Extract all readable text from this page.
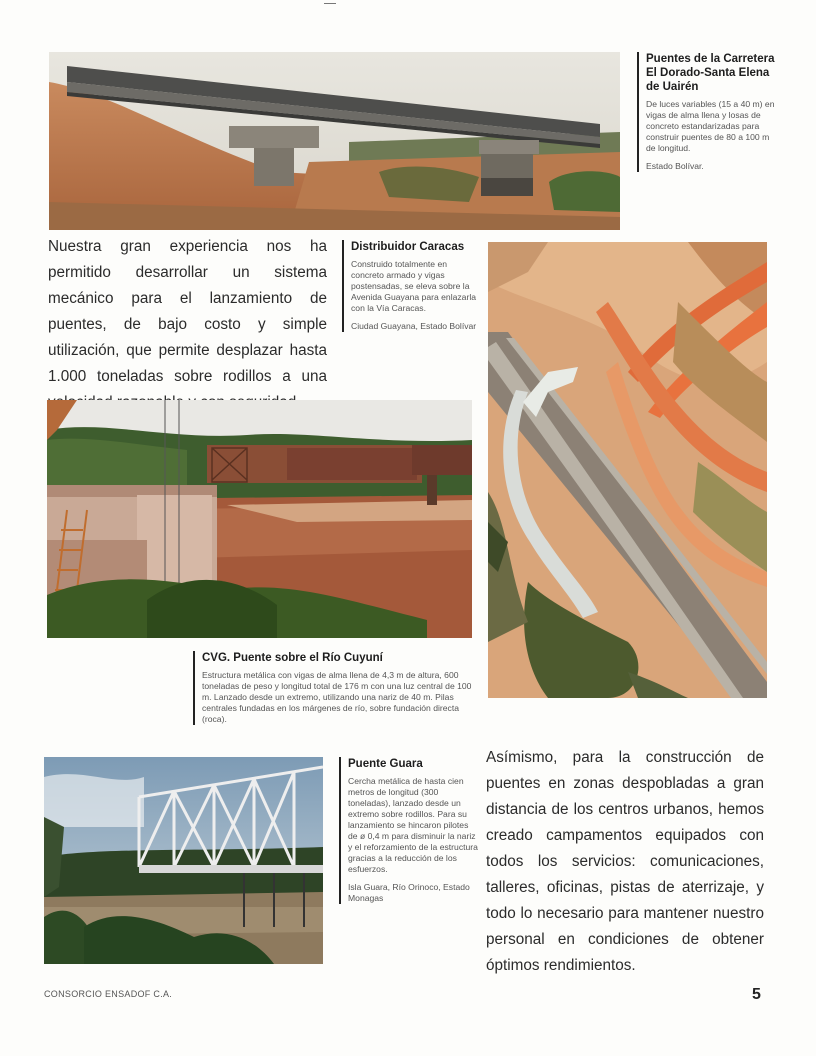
Puentes de la Carretera El Dorado-Santa Elena de Uairén
De luces variables (15 a 40 m) en vigas de alma llena y losas de concreto estandarizadas para construir puentes de 80 a 100 m de longitud.
Estado Bolívar.
Nuestra gran experiencia nos ha permitido desarrollar un sistema mecánico para el lanzamiento de puentes, de bajo costo y simple utilización, que permite desplazar hasta 1.000 toneladas sobre rodillos a una
Distribuidor Caracas
Construido totalmente en concreto armado y vigas postensadas, se eleva sobre la Avenida Guayana para enlazarla con la Vía Caracas.
Ciudad Guayana, Estado Bolívar
CVG. Puente sobre el Río Cuyuní
Estructura metálica con vigas de alma llena de 4,3 m de altura, 600 toneladas de peso y longitud total de 176 m con una luz central de 100 m. Lanzado desde un extremo, utilizando una nariz de 40 m. Pilas centrales fundadas en los márgenes de río, sobre fundación directa (roca).
Puente Guara
Cercha metálica de hasta cien metros de longitud (300 toneladas), lanzado desde un extremo sobre rodillos. Para su lanzamiento se hincaron pilotes de ø 0,4 m para disminuir la nariz y el reforzamiento de la estructura gracias a la reducción de los esfuerzos.
Isla Guara, Río Orinoco, Estado Monagas
Asímismo, para la construcción de puentes en zonas despobladas a gran distancia de los centros urbanos, hemos creado campamentos equipados con todos los servicios: comunicaciones, talleres, oficinas, pistas de aterrizaje, y todo lo necesario para mantener nuestro personal en condiciones de obtener óptimos rendimientos.
CONSORCIO ENSADOF C.A.	5
